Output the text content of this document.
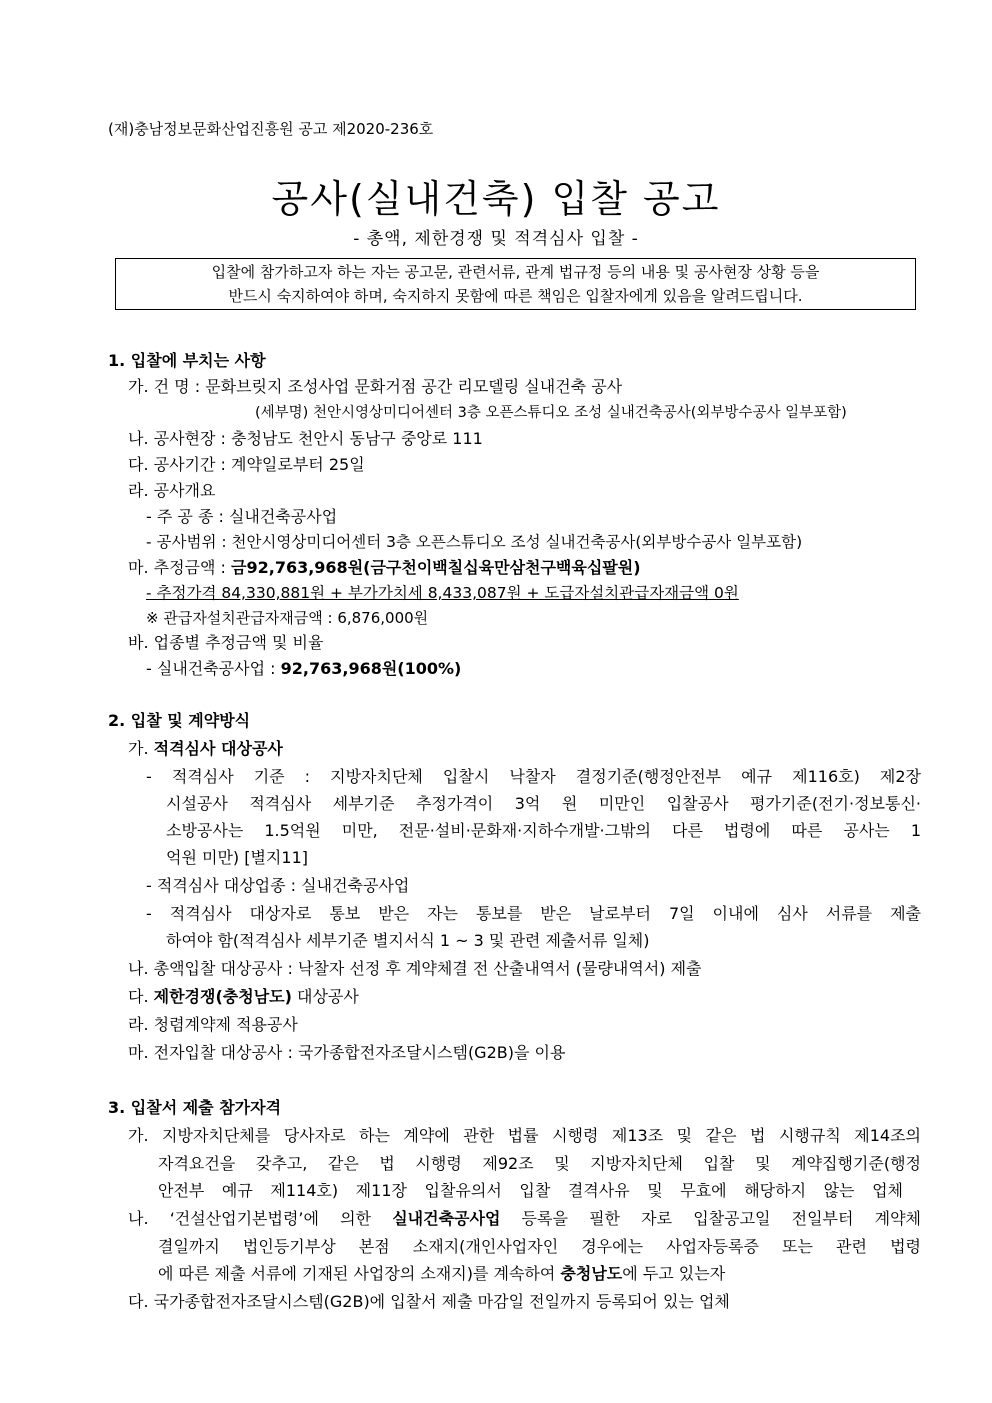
(재)충남정보문화산업진흥원 공고 제2020-236호
공사(실내건축) 입찰 공고
- 총액, 제한경쟁 및 적격심사 입찰 -
입찰에 참가하고자 하는 자는 공고문, 관련서류, 관계 법규정 등의 내용 및 공사현장 상황 등을
반드시 숙지하여야 하며, 숙지하지 못함에 따른 책임은 입찰자에게 있음을 알려드립니다.
1. 입찰에 부치는 사항
가. 건 명 : 문화브릿지 조성사업 문화거점 공간 리모델링 실내건축 공사
(세부명) 천안시영상미디어센터 3층 오픈스튜디오 조성 실내건축공사(외부방수공사 일부포함)
나. 공사현장 : 충청남도 천안시 동남구 중앙로 111
다. 공사기간 : 계약일로부터 25일
라. 공사개요
- 주 공 종 : 실내건축공사업
- 공사범위 : 천안시영상미디어센터 3층 오픈스튜디오 조성 실내건축공사(외부방수공사 일부포함)
마. 추정금액 : 금92,763,968원(금구천이백칠십육만삼천구백육십팔원)
- 추정가격 84,330,881원 + 부가가치세 8,433,087원 + 도급자설치관급자재금액 0원
※ 관급자설치관급자재금액 : 6,876,000원
바. 업종별 추정금액 및 비율
- 실내건축공사업 : 92,763,968원(100%)
2. 입찰 및 계약방식
가. 적격심사 대상공사
- 적격심사 기준 : 지방자치단체 입찰시 낙찰자 결정기준(행정안전부 예규 제116호) 제2장
시설공사 적격심사 세부기준 추정가격이 3억 원 미만인 입찰공사 평가기준(전기·정보통신·
소방공사는 1.5억원 미만, 전문·설비·문화재·지하수개발·그밖의 다른 법령에 따른 공사는 1
억원 미만) [별지11]
- 적격심사 대상업종 : 실내건축공사업
- 적격심사 대상자로 통보 받은 자는 통보를 받은 날로부터 7일 이내에 심사 서류를 제출
하여야 함(적격심사 세부기준 별지서식 1 ~ 3 및 관련 제출서류 일체)
나. 총액입찰 대상공사 : 낙찰자 선정 후 계약체결 전 산출내역서 (물량내역서) 제출
다. 제한경쟁(충청남도) 대상공사
라. 청렴계약제 적용공사
마. 전자입찰 대상공사 : 국가종합전자조달시스템(G2B)을 이용
3. 입찰서 제출 참가자격
가. 지방자치단체를 당사자로 하는 계약에 관한 법률 시행령 제13조 및 같은 법 시행규칙 제14조의
자격요건을 갖추고, 같은 법 시행령 제92조 및 지방자치단체 입찰 및 계약집행기준(행정
안전부 예규 제114호) 제11장 입찰유의서 입찰 결격사유 및 무효에 해당하지 않는 업체
나. ‘건설산업기본법령’에 의한 실내건축공사업 등록을 필한 자로 입찰공고일 전일부터 계약체
결일까지 법인등기부상 본점 소재지(개인사업자인 경우에는 사업자등록증 또는 관련 법령
에 따른 제출 서류에 기재된 사업장의 소재지)를 계속하여 충청남도에 두고 있는자
다. 국가종합전자조달시스템(G2B)에 입찰서 제출 마감일 전일까지 등록되어 있는 업체
